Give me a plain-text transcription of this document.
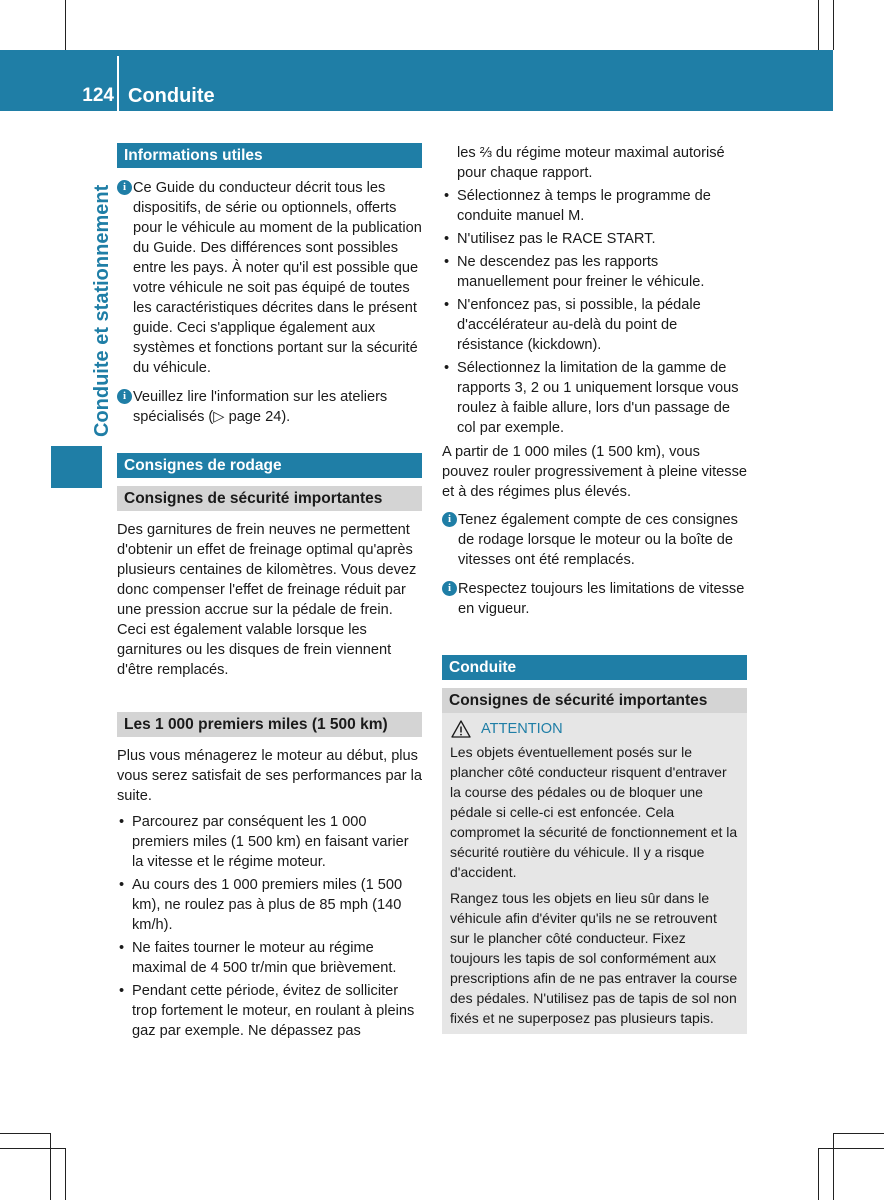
124 Conduite
Conduite et stationnement
Informations utiles
i Ce Guide du conducteur décrit tous les dispositifs, de série ou optionnels, offerts pour le véhicule au moment de la publication du Guide. Des différences sont possibles entre les pays. À noter qu'il est possible que votre véhicule ne soit pas équipé de toutes les caractéristiques décrites dans le présent guide. Ceci s'applique également aux systèmes et fonctions portant sur la sécurité du véhicule.
i Veuillez lire l'information sur les ateliers spécialisés (▷ page 24).
Consignes de rodage
Consignes de sécurité importantes

Des garnitures de frein neuves ne permettent d'obtenir un effet de freinage optimal qu'après plusieurs centaines de kilomètres. Vous devez donc compenser l'effet de freinage réduit par une pression accrue sur la pédale de frein. Ceci est également valable lorsque les garnitures ou les disques de frein viennent d'être remplacés.

Les 1 000 premiers miles (1 500 km)

Plus vous ménagerez le moteur au début, plus vous serez satisfait de ses performances par la suite.

• Parcourez par conséquent les 1 000 premiers miles (1 500 km) en faisant varier la vitesse et le régime moteur.
• Au cours des 1 000 premiers miles (1 500 km), ne roulez pas à plus de 85 mph (140 km/h).
• Ne faites tourner le moteur au régime maximal de 4 500 tr/min que brièvement.
• Pendant cette période, évitez de solliciter trop fortement le moteur, en roulant à pleins gaz par exemple. Ne dépassez pas
les ⅔ du régime moteur maximal autorisé pour chaque rapport.
• Sélectionnez à temps le programme de conduite manuel M.
• N'utilisez pas le RACE START.
• Ne descendez pas les rapports manuellement pour freiner le véhicule.
• N'enfoncez pas, si possible, la pédale d'accélérateur au-delà du point de résistance (kickdown).
• Sélectionnez la limitation de la gamme de rapports 3, 2 ou 1 uniquement lorsque vous roulez à faible allure, lors d'un passage de col par exemple.

A partir de 1 000 miles (1 500 km), vous pouvez rouler progressivement à pleine vitesse et à des régimes plus élevés.

i Tenez également compte de ces consignes de rodage lorsque le moteur ou la boîte de vitesses ont été remplacés.
i Respectez toujours les limitations de vitesse en vigueur.
Conduite
Consignes de sécurité importantes
ATTENTION

Les objets éventuellement posés sur le plancher côté conducteur risquent d'entraver la course des pédales ou de bloquer une pédale si celle-ci est enfoncée. Cela compromet la sécurité de fonctionnement et la sécurité routière du véhicule. Il y a risque d'accident.

Rangez tous les objets en lieu sûr dans le véhicule afin d'éviter qu'ils ne se retrouvent sur le plancher côté conducteur. Fixez toujours les tapis de sol conformément aux prescriptions afin de ne pas entraver la course des pédales. N'utilisez pas de tapis de sol non fixés et ne superposez pas plusieurs tapis.
